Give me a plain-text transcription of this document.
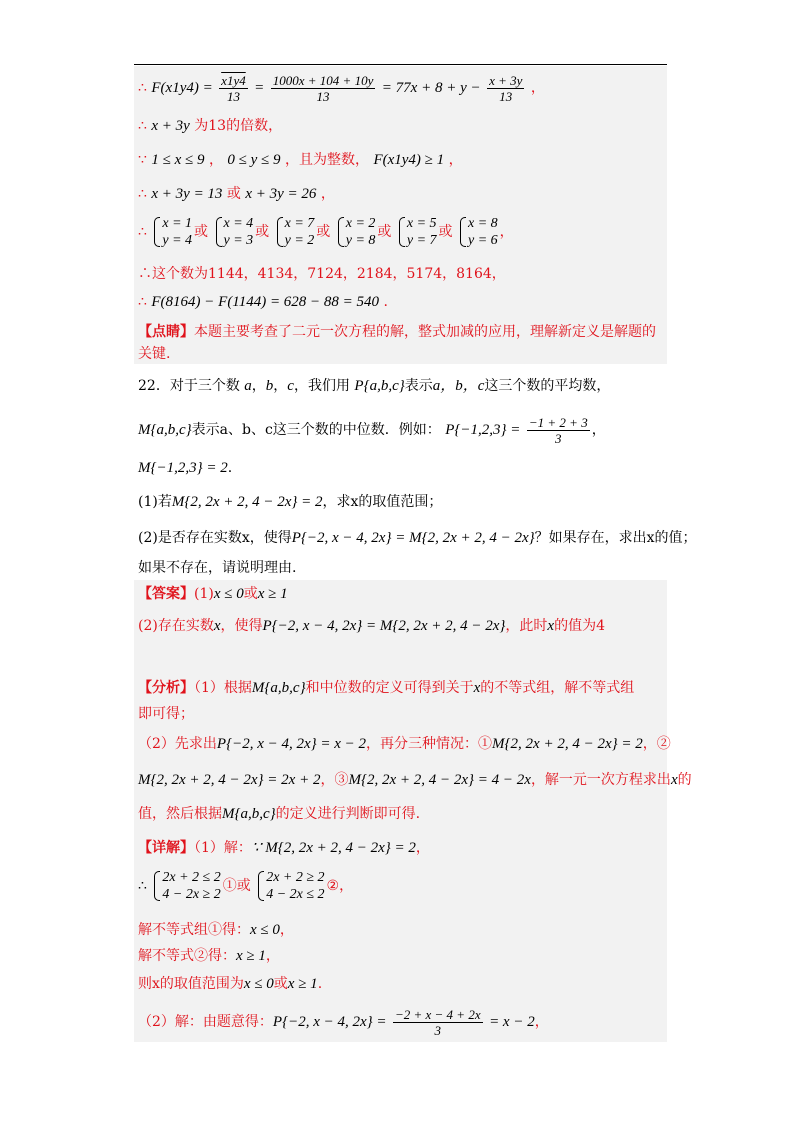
∴ $F(x1y4) = \frac{x1y4}{13} = \frac{1000x + 104 + 10y}{13} = 77x + 8 + y - \frac{x + 3y}{13}$ ，
∴ x + 3y 为13的倍数，
∵ 1 ≤ x ≤ 9 ， 0 ≤ y ≤ 9 ，且为整数， F(x1y4) ≥ 1 ，
∴ x + 3y = 13 或 x + 3y = 26 ，
∴
x = 1
y = 4
或
x = 4
y = 3
或
x = 7
y = 2
或
x = 2
y = 8
或
x = 5
y = 7
或
x = 8
y = 6
，
∴这个数为1144，4134，7124，2184，5174，8164，
∴ F(8164) − F(1144) = 628 − 88 = 540 .
【点睛】本题主要考查了二元一次方程的解，整式加减的应用，理解新定义是解题的
关键.
22．对于三个数 a，b，c，我们用 P{a,b,c}表示a，b，c这三个数的平均数，
M{a,b,c}表示a、b、c这三个数的中位数．例如： $P\{-1,2,3\} = \frac{-1 + 2 + 3}{3}$ ，
M{−1,2,3} = 2.
(1)若M{2, 2x + 2, 4 − 2x} = 2，求x的取值范围；
(2)是否存在实数x，使得P{−2, x − 4, 2x} = M{2, 2x + 2, 4 − 2x}？如果存在，求出x的值；
如果不存在，请说明理由.
【答案】(1)x ≤ 0或x ≥ 1
(2)存在实数x，使得P{−2, x − 4, 2x} = M{2, 2x + 2, 4 − 2x}，此时x的值为4
【分析】（1）根据M{a,b,c}和中位数的定义可得到关于x的不等式组，解不等式组
即可得；
（2）先求出P{−2, x − 4, 2x} = x − 2，再分三种情况：①M{2, 2x + 2, 4 − 2x} = 2，②
M{2, 2x + 2, 4 − 2x} = 2x + 2，③M{2, 2x + 2, 4 − 2x} = 4 − 2x，解一元一次方程求出x的
值，然后根据M{a,b,c}的定义进行判断即可得.
【详解】（1）解：∵ M{2, 2x + 2, 4 − 2x} = 2，
∴
2x + 2 ≤ 2
4 − 2x ≥ 2
①或
2x + 2 ≥ 2
4 − 2x ≤ 2
②，
解不等式组①得：x ≤ 0，
解不等式②得：x ≥ 1，
则x的取值范围为x ≤ 0或x ≥ 1.
（2）解：由题意得：P{−2, x − 4, $2x\} = \frac{-2 + x - 4 + 2x}{3} = x - 2$，
